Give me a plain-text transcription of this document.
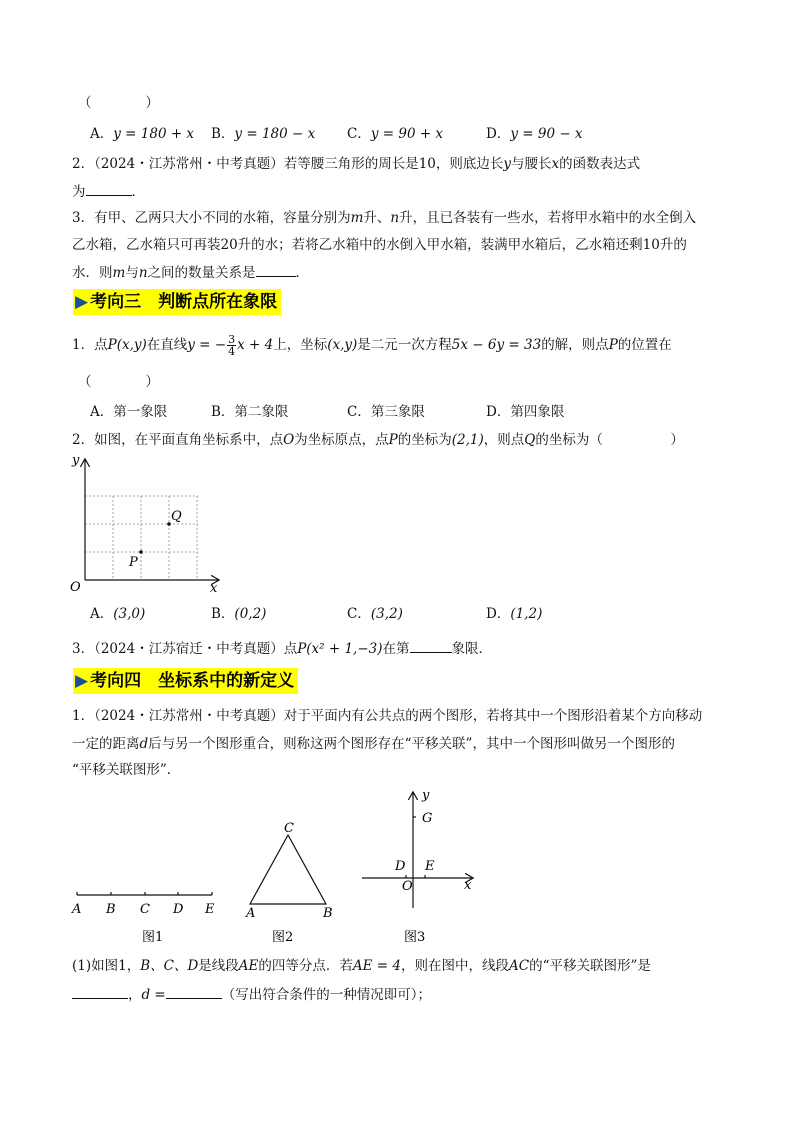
（　　　　）
A．y = 180 + x B．y = 180 − x C．y = 90 + x	D．y = 90 − x
2．（2024・江苏常州・中考真题）若等腰三角形的周长是10，则底边长y与腰长x的函数表达式
为	．
3．有甲、乙两只大小不同的水箱，容量分别为m升、n升，且已各装有一些水，若将甲水箱中的水全倒入
乙水箱，乙水箱只可再装20升的水；若将乙水箱中的水倒入甲水箱，装满甲水箱后，乙水箱还剩10升的
水．则m与n之间的数量关系是	．
▶ 考向三　判断点所在象限
1．点P(x,y)在直线y = − $\frac{3}{4}$ x + 4上，坐标(x,y)是二元一次方程5x − 6y = 33的解，则点P的位置在
（　　　　）
A．第一象限	B．第二象限	C．第三象限	D．第四象限
2．如图，在平面直角坐标系中，点O为坐标原点，点P的坐标为(2,1)，则点Q的坐标为（　　　　　）
y
x
O
P
Q
A．(3,0)	B．(0,2)	C．(3,2)	D．(1,2)
3．（2024・江苏宿迁・中考真题）点P(x² + 1,−3)在第	象限．
▶ 考向四　坐标系中的新定义
1．（2024・江苏常州・中考真题）对于平面内有公共点的两个图形，若将其中一个图形沿着某个方向移动
一定的距离d后与另一个图形重合，则称这两个图形存在“平移关联”，其中一个图形叫做另一个图形的
“平移关联图形”．
A B C D E
图1
C
A	B
图2
y
x
G
D E
O
图3
(1)如图1，B、C、D是线段AE的四等分点．若AE = 4，则在图中，线段AC的“平移关联图形”是
，d =	（写出符合条件的一种情况即可）；
